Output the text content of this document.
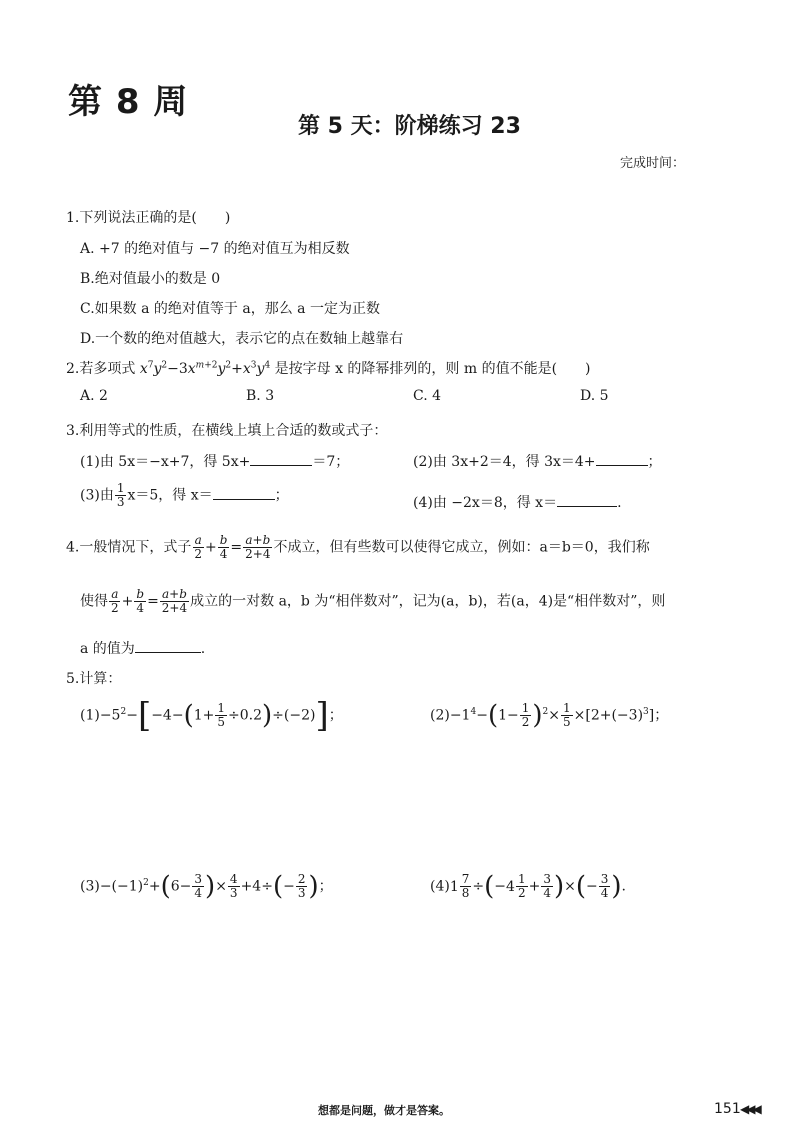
第 8 周
第 5 天：阶梯练习 23
完成时间：
1.下列说法正确的是(　　)
A. +7 的绝对值与 −7 的绝对值互为相反数
B.绝对值最小的数是 0
C.如果数 a 的绝对值等于 a，那么 a 一定为正数
D.一个数的绝对值越大，表示它的点在数轴上越靠右
2.若多项式 $x^7y^2-3x^{m+2}y^2+x^3y^4$ 是按字母 x 的降幂排列的，则 m 的值不能是(　　)
A. 2	B. 3	C. 4	D. 5
3.利用等式的性质，在横线上填上合适的数或式子：
(1)由 5x＝−x+7，得 5x+	＝7；	(2)由 3x+2＝4，得 3x＝4+	；
(3)由 $\frac{1}{3} x=5$，得 x＝	；	(4)由 −2x＝8，得 x＝	.
4.一般情况下，式子 $\frac{a}{2} + \frac{b}{4} = \frac{a+b}{2+4}$ 不成立，但有些数可以使得它成立，例如：a＝b＝0，我们称
使得 $\frac{a}{2} + \frac{b}{4} = \frac{a+b}{2+4}$ 成立的一对数 a，b 为“相伴数对”，记为(a，b)，若(a，4)是“相伴数对”，则
a 的值为	.
5.计算：
$(1)-5^2-[-4-(1+ \frac{1}{5} \div 0.2)\div(-2)]$；	$(2)-1^4-(1- \frac{1}{2} )^2\times \frac{1}{5} \times[2+(-3)^3]$；
$(3)-(-1)^2+(6- \frac{3}{4}$ )× $\frac{4}{3} +4\div(- \frac{2}{3}$ )；	$(4)1 \frac{7}{8} \div(-4 \frac{1}{2} + \frac{3}{4}$ )×(− $\frac{3}{4}$ ).
想都是问题，做才是答案。	151 ◀◀◀
